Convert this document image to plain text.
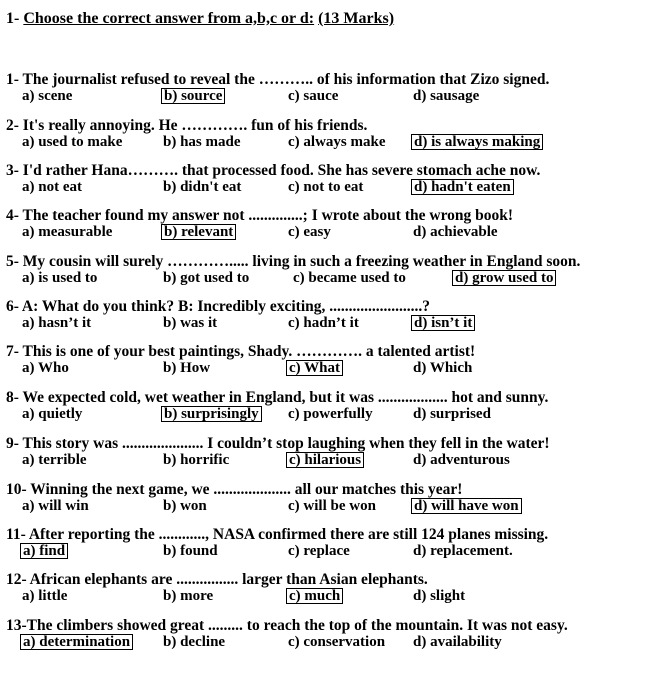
1- Choose the correct answer from a,b,c or d: (13 Marks)
1- The journalist refused to reveal the ……….. of his information that Zizo signed.
a) scene	b) source	c) sauce	d) sausage
2- It's really annoying. He …………. fun of his friends.
a) used to make	b) has made	c) always make d) is always making
3- I'd rather Hana………. that processed food. She has severe stomach ache now.
a) not eat	b) didn't eat	c) not to eat	d) hadn't eaten
4- The teacher found my answer not ..............; I wrote about the wrong book!
a) measurable	b) relevant	c) easy	d) achievable
5- My cousin will surely …………..... living in such a freezing weather in England soon.
a) is used to	b) got used to	c) became used to	d) grow used to
6- A: What do you think? B: Incredibly exciting, ........................?
a) hasn’t it	b) was it	c) hadn’t it	d) isn’t it
7- This is one of your best paintings, Shady. …………. a talented artist!
a) Who	b) How	c) What	d) Which
8- We expected cold, wet weather in England, but it was .................. hot and sunny.
a) quietly	b) surprisingly c) powerfully	d) surprised
9- This story was ..................... I couldn’t stop laughing when they fell in the water!
a) terrible	b) horrific	c) hilarious	d) adventurous
10- Winning the next game, we .................... all our matches this year!
a) will win	b) won	c) will be won	d) will have won
11- After reporting the ............, NASA confirmed there are still 124 planes missing.
a) find	b) found	c) replace	d) replacement.
12- African elephants are ................ larger than Asian elephants.
a) little	b) more	c) much	d) slight
13-The climbers showed great ......... to reach the top of the mountain. It was not easy.
a) determination b) decline	c) conservation d) availability
